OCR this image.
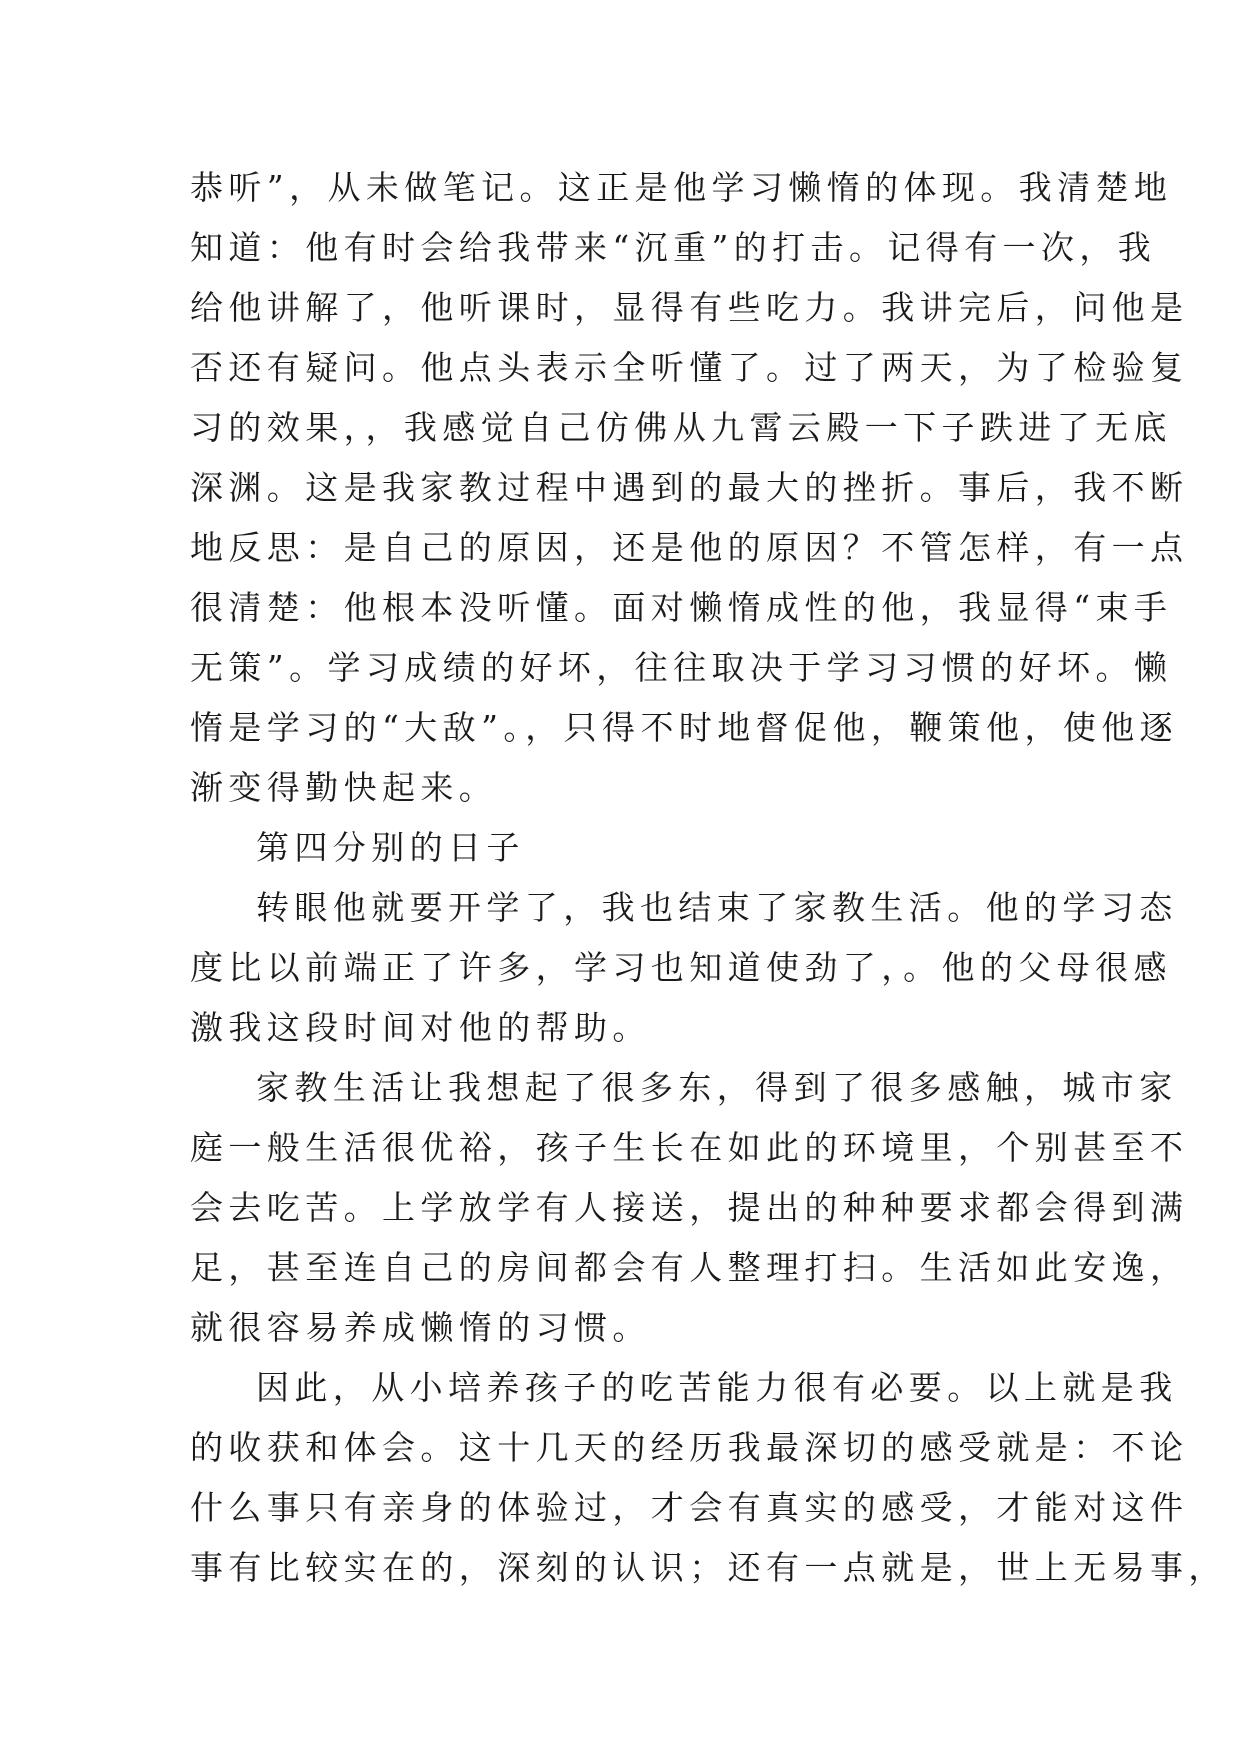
恭听”，从未做笔记。这正是他学习懒惰的体现。我清楚地
知道：他有时会给我带来“沉重”的打击。记得有一次，我
给他讲解了，他听课时，显得有些吃力。我讲完后，问他是
否还有疑问。他点头表示全听懂了。过了两天，为了检验复
习的效果，，我感觉自己仿佛从九霄云殿一下子跌进了无底
深渊。这是我家教过程中遇到的最大的挫折。事后，我不断
地反思：是自己的原因，还是他的原因？不管怎样，有一点
很清楚：他根本没听懂。面对懒惰成性的他，我显得“束手
无策”。学习成绩的好坏，往往取决于学习习惯的好坏。懒
惰是学习的“大敌”。，只得不时地督促他，鞭策他，使他逐
渐变得勤快起来。
第四分别的日子
转眼他就要开学了，我也结束了家教生活。他的学习态
度比以前端正了许多，学习也知道使劲了，。他的父母很感
激我这段时间对他的帮助。
家教生活让我想起了很多东，得到了很多感触，城市家
庭一般生活很优裕，孩子生长在如此的环境里，个别甚至不
会去吃苦。上学放学有人接送，提出的种种要求都会得到满
足，甚至连自己的房间都会有人整理打扫。生活如此安逸，
就很容易养成懒惰的习惯。
因此，从小培养孩子的吃苦能力很有必要。以上就是我
的收获和体会。这十几天的经历我最深切的感受就是：不论
什么事只有亲身的体验过，才会有真实的感受，才能对这件
事有比较实在的，深刻的认识；还有一点就是，世上无易事，
